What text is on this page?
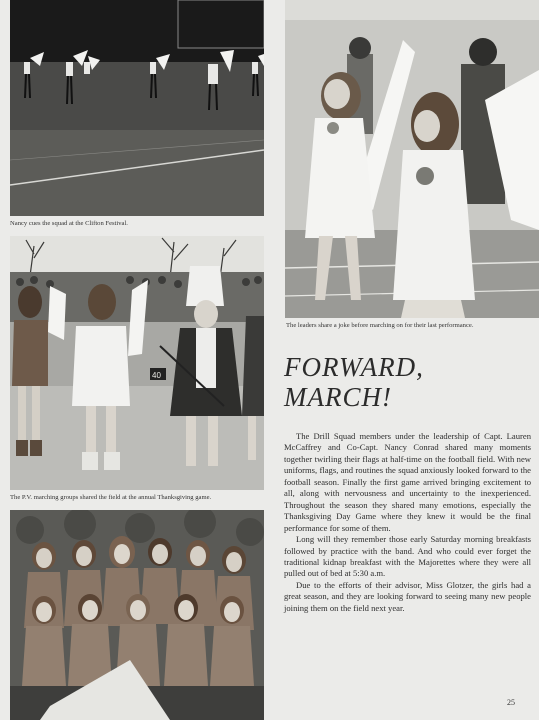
Nancy cues the squad at the Clifton Festival.
The leaders share a joke before marching on for their last performance.
40
The P.V. marching groups shared the field at the annual Thanksgiving game.
FORWARD,
MARCH!

The Drill Squad members under the leadership of Capt. Lauren McCaffrey and Co-Capt. Nancy Conrad shared many moments together twirling their flags at half-time on the football field. With new uniforms, flags, and routines the squad anxiously looked forward to the football season. Finally the first game arrived bringing excitement to all, along with nervousness and uncertainty to the inexperienced. Throughout the season they shared many emotions, especially the Thanksgiving Day Game where they knew it would be the final performance for some of them.

Long will they remember those early Saturday morning breakfasts followed by practice with the band. And who could ever forget the traditional kidnap breakfast with the Majorettes where they were all pulled out of bed at 5:30 a.m.

Due to the efforts of their advisor, Miss Glotzer, the girls had a great season, and they are looking forward to seeing many new people joining them on the field next year.

25
